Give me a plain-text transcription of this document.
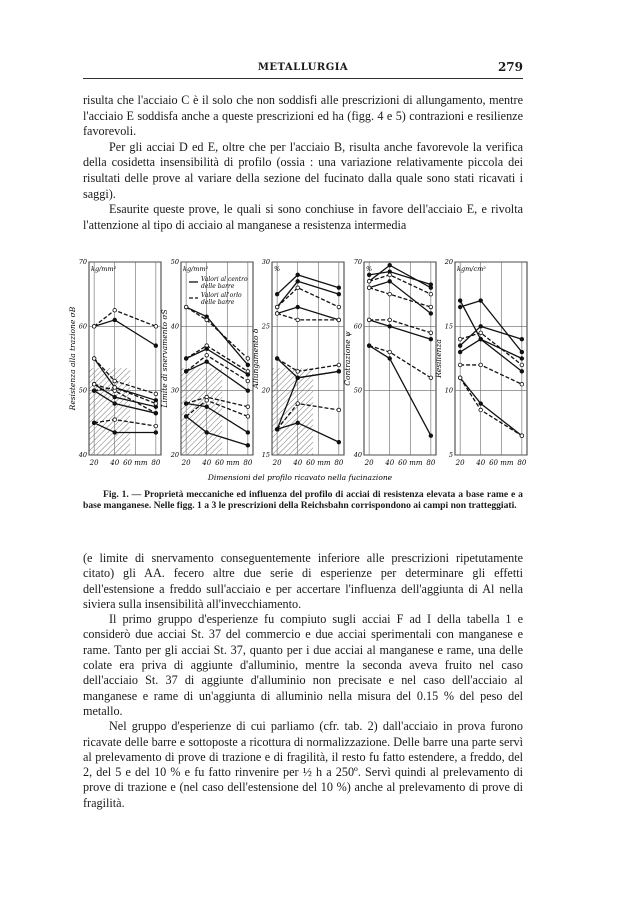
METALLURGIA	279

risulta che l'acciaio C è il solo che non soddisfi alle prescrizioni di allungamento, mentre l'acciaio E soddisfa anche a queste prescrizioni ed ha (figg. 4 e 5) contrazioni e resilienze favorevoli.

Per gli acciai D ed E, oltre che per l'acciaio B, risulta anche favorevole la verifica della cosidetta insensibilità di profilo (ossia : una variazione relativamente piccola dei risultati delle prove al variare della sezione del fucinato dalla quale sono stati ricavati i saggi).

Esaurite queste prove, le quali si sono conchiuse in favore dell'acciaio E, e rivolta l'attenzione al tipo di acciaio al manganese a resistenza intermedia

20 40 60 mm 80
40
50
60
70
kg/mm²
Resistenza alla trazione σB
20 40 60 mm 80
20
30
40
50
kg/mm²
Limite di snervamento σS
20 40 60 mm 80
15
20
25
30
%
Allungamento δ
20 40 60 mm 80
40
50
60
70
%
Contrazione ψ
20 40 60 mm 80
5
10
15
20
kgm/cm²
Resilienza
Valori al centro delle barre
Valori all'orlo delle barre
Dimensioni del profilo ricavato nella fucinazione
Fig. 1. — Proprietà meccaniche ed influenza del profilo di acciai di resistenza elevata a base rame e a base manganese. Nelle figg. 1 a 3 le prescrizioni della Reichsbahn corrispondono ai campi non tratteggiati.

(e limite di snervamento conseguentemente inferiore alle prescrizioni ripetutamente citato) gli AA. fecero altre due serie di esperienze per determinare gli effetti dell'estensione a freddo sull'acciaio e per accertare l'influenza dell'aggiunta di Al nella siviera sulla insensibilità all'invecchiamento.

Il primo gruppo d'esperienze fu compiuto sugli acciai F ad I della tabella 1 e considerò due acciai St. 37 del commercio e due acciai sperimentali con manganese e rame. Tanto per gli acciai St. 37, quanto per i due acciai al manganese e rame, una delle colate era priva di aggiunte d'alluminio, mentre la seconda aveva fruito nel caso dell'acciaio St. 37 di aggiunte d'alluminio non precisate e nel caso dell'acciaio al manganese e rame di un'aggiunta di alluminio nella misura del 0.15 % del peso del metallo.

Nel gruppo d'esperienze di cui parliamo (cfr. tab. 2) dall'acciaio in prova furono ricavate delle barre e sottoposte a ricottura di normalizzazione. Delle barre una parte servì al prelevamento di prove di trazione e di fragilità, il resto fu fatto estendere, a freddo, del 2, del 5 e del 10 % e fu fatto rinvenire per ½ h a 250º. Servì quindi al prelevamento di prove di trazione e (nel caso dell'estensione del 10 %) anche al prelevamento di prove di fragilità.
